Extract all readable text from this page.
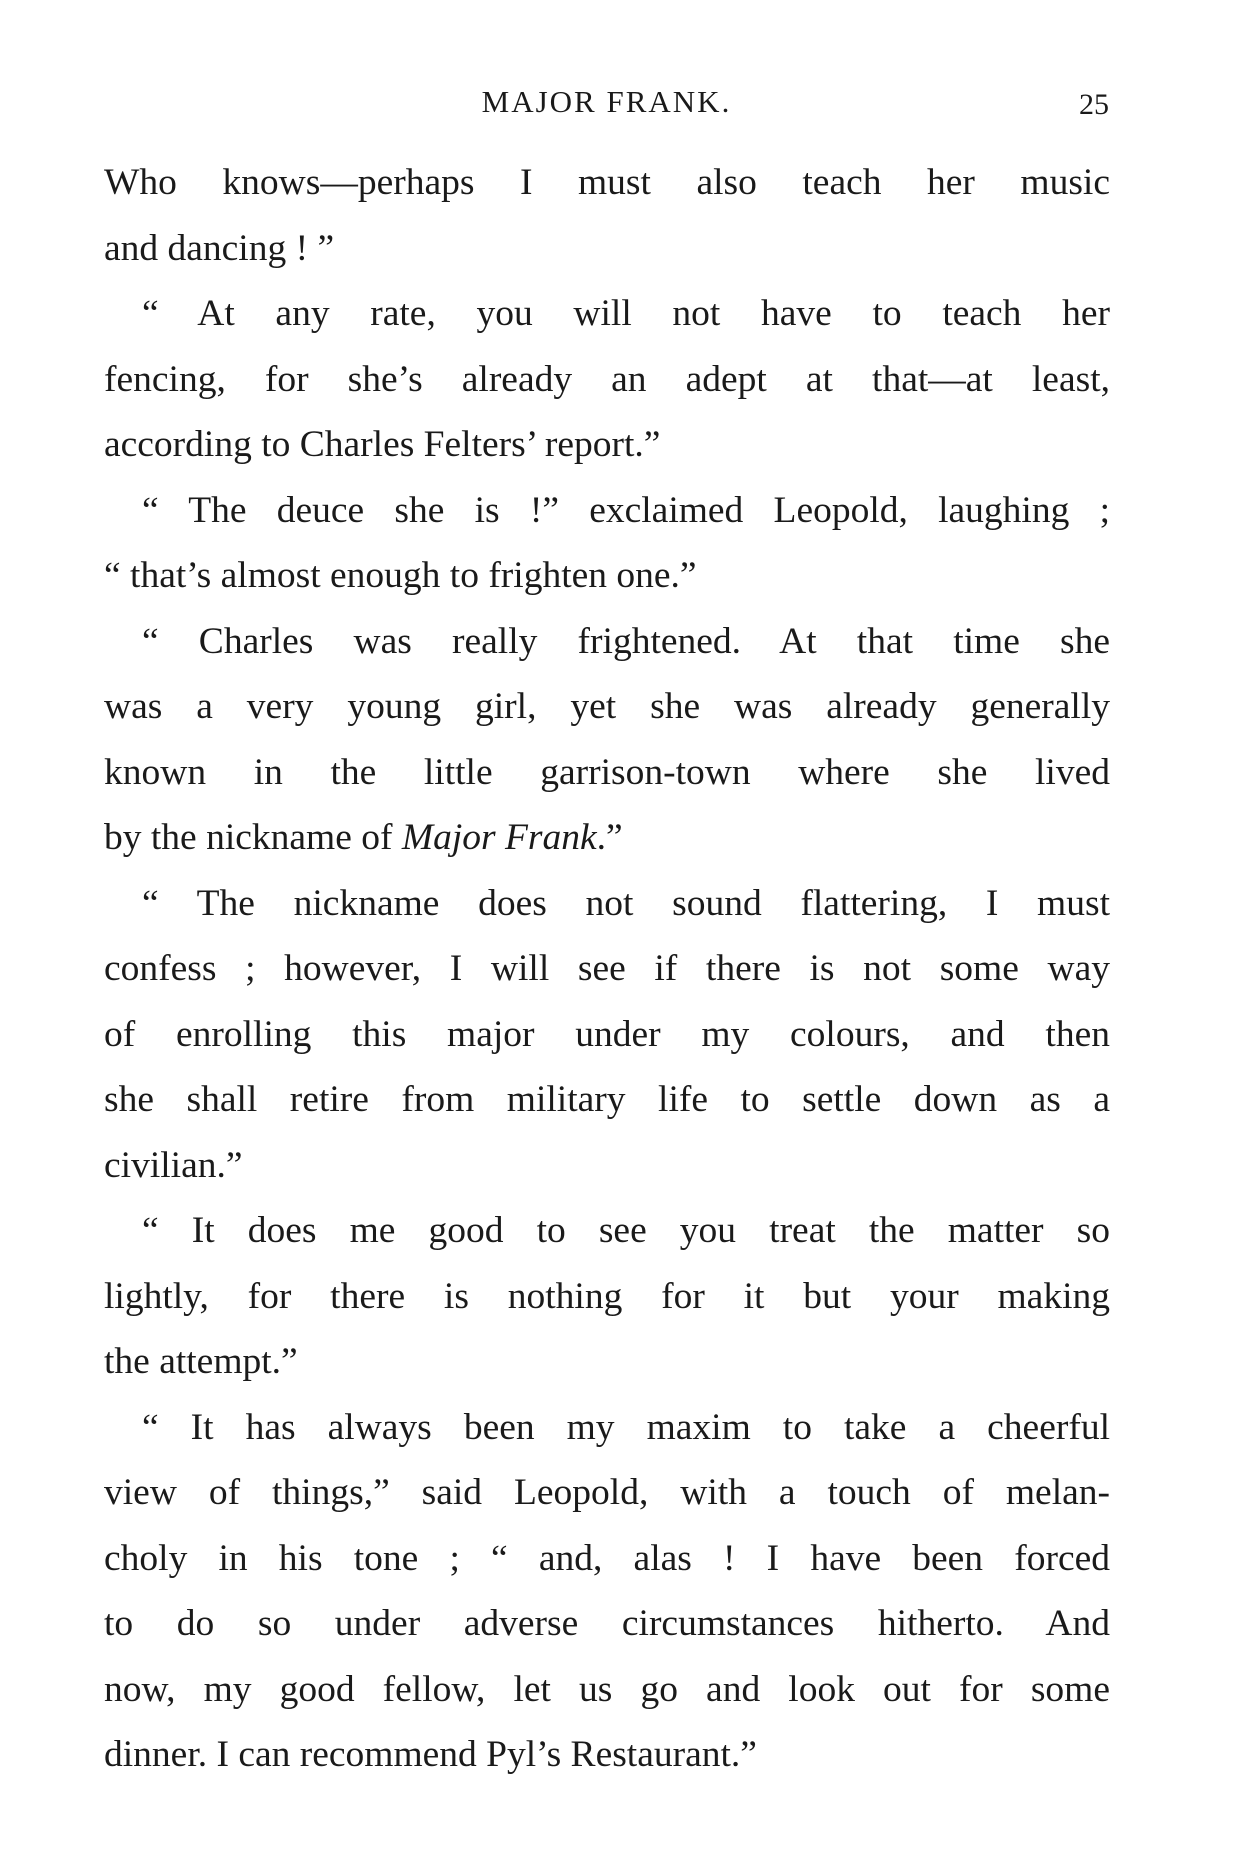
MAJOR FRANK.	25
Who knows—perhaps I must also teach her music
and dancing ! ”
“ At any rate, you will not have to teach her
fencing, for she’s already an adept at that—at least,
according to Charles Felters’ report.”
“ The deuce she is !” exclaimed Leopold, laughing ;
“ that’s almost enough to frighten one.”
“ Charles was really frightened. At that time she
was a very young girl, yet she was already generally
known in the little garrison-town where she lived
by the nickname of Major Frank.”
“ The nickname does not sound flattering, I must
confess ; however, I will see if there is not some way
of enrolling this major under my colours, and then
she shall retire from military life to settle down as a
civilian.”
“ It does me good to see you treat the matter so
lightly, for there is nothing for it but your making
the attempt.”
“ It has always been my maxim to take a cheerful
view of things,” said Leopold, with a touch of melan-
choly in his tone ; “ and, alas ! I have been forced
to do so under adverse circumstances hitherto. And
now, my good fellow, let us go and look out for some
dinner. I can recommend Pyl’s Restaurant.”
